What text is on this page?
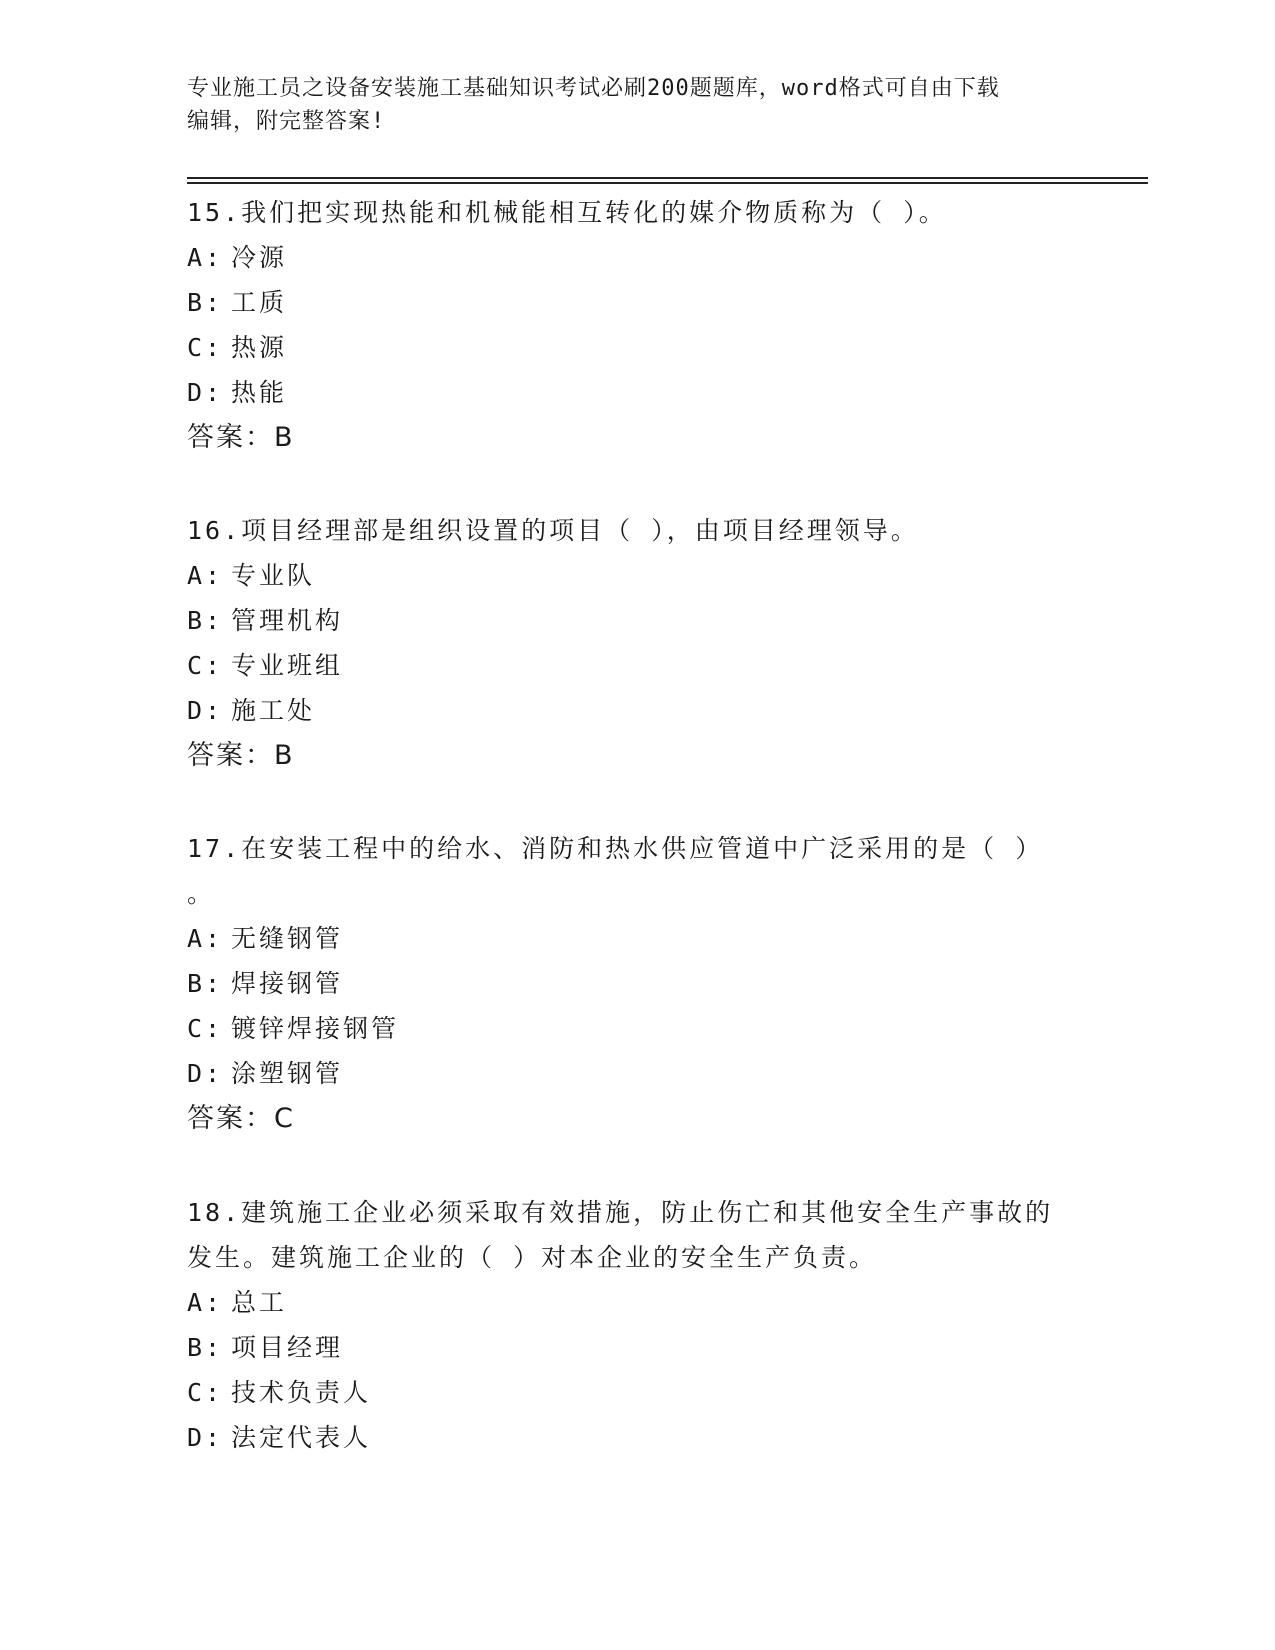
专业施工员之设备安装施工基础知识考试必刷200题题库，word格式可自由下载
编辑，附完整答案!

15.我们把实现热能和机械能相互转化的媒介物质称为（ ）。

A: 冷源

B: 工质

C: 热源

D: 热能

答案：B

16.项目经理部是组织设置的项目（ ），由项目经理领导。

A: 专业队

B: 管理机构

C: 专业班组

D: 施工处

答案：B

17.在安装工程中的给水、消防和热水供应管道中广泛采用的是（ ）

。

A: 无缝钢管

B: 焊接钢管

C: 镀锌焊接钢管

D: 涂塑钢管

答案：C

18.建筑施工企业必须采取有效措施，防止伤亡和其他安全生产事故的

发生。建筑施工企业的（ ）对本企业的安全生产负责。

A: 总工

B: 项目经理

C: 技术负责人

D: 法定代表人
